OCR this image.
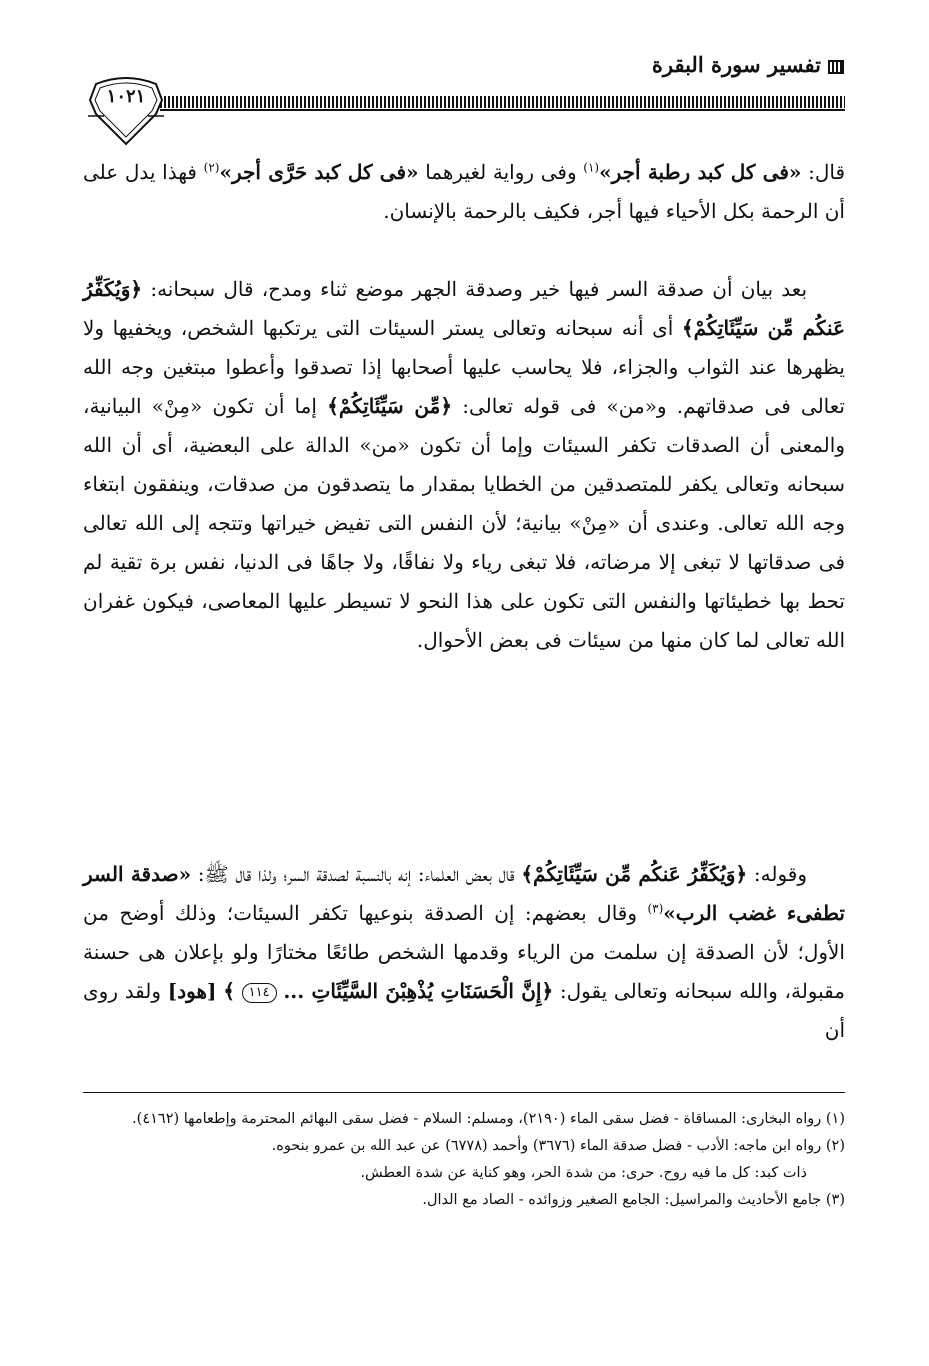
تفسير سورة البقرة
١٠٢١
قال: «فى كل كبد رطبة أجر»$^{(١)}$ وفى رواية لغيرهما «فى كل كبد حَرَّى أجر»$^{(٢)}$ فهذا يدل على أن الرحمة بكل الأحياء فيها أجر، فكيف بالرحمة بالإنسان.
بعد بيان أن صدقة السر فيها خير وصدقة الجهر موضع ثناء ومدح، قال سبحانه: ﴿وَيُكَفِّرُ عَنكُم مِّن سَيِّئَاتِكُمْ﴾ أى أنه سبحانه وتعالى يستر السيئات التى يرتكبها الشخص، ويخفيها ولا يظهرها عند الثواب والجزاء، فلا يحاسب عليها أصحابها إذا تصدقوا وأعطوا مبتغين وجه الله تعالى فى صدقاتهم. و«من» فى قوله تعالى: ﴿مِّن سَيِّئَاتِكُمْ﴾ إما أن تكون «مِنْ» البيانية، والمعنى أن الصدقات تكفر السيئات وإما أن تكون «من» الدالة على البعضية، أى أن الله سبحانه وتعالى يكفر للمتصدقين من الخطايا بمقدار ما يتصدقون من صدقات، وينفقون ابتغاء وجه الله تعالى. وعندى أن «مِنْ» بيانية؛ لأن النفس التى تفيض خيراتها وتتجه إلى الله تعالى فى صدقاتها لا تبغى إلا مرضاته، فلا تبغى رياء ولا نفاقًا، ولا جاهًا فى الدنيا، نفس برة تقية لم تحط بها خطيئاتها والنفس التى تكون على هذا النحو لا تسيطر عليها المعاصى، فيكون غفران الله تعالى لما كان منها من سيئات فى بعض الأحوال.
وقوله: ﴿وَيُكَفِّرُ عَنكُم مِّن سَيِّئَاتِكُمْ﴾ قال بعض العلماء: إنه بالنسبة لصدقة السر؛ ولذا قال ﷺ: «صدقة السر تطفىء غضب الرب»$^{(٣)}$ وقال بعضهم: إن الصدقة بنوعيها تكفر السيئات؛ وذلك أوضح من الأول؛ لأن الصدقة إن سلمت من الرياء وقدمها الشخص طائعًا مختارًا ولو بإعلان هى حسنة مقبولة، والله سبحانه وتعالى يقول: ﴿إِنَّ الْحَسَنَاتِ يُذْهِبْنَ السَّيِّئَاتِ ... ١١٤ ﴾ [هود] ولقد روى أن

(١) رواه البخارى: المساقاة - فضل سقى الماء (٢١٩٠)، ومسلم: السلام - فضل سقى البهائم المحترمة وإطعامها (٤١٦٢).

(٢) رواه ابن ماجه: الأدب - فضل صدقة الماء (٣٦٧٦) وأحمد (٦٧٧٨) عن عبد الله بن عمرو بنحوه.

ذات كبد: كل ما فيه روح. حرى: من شدة الحر، وهو كناية عن شدة العطش.

(٣) جامع الأحاديث والمراسيل: الجامع الصغير وزوائده - الصاد مع الدال.
